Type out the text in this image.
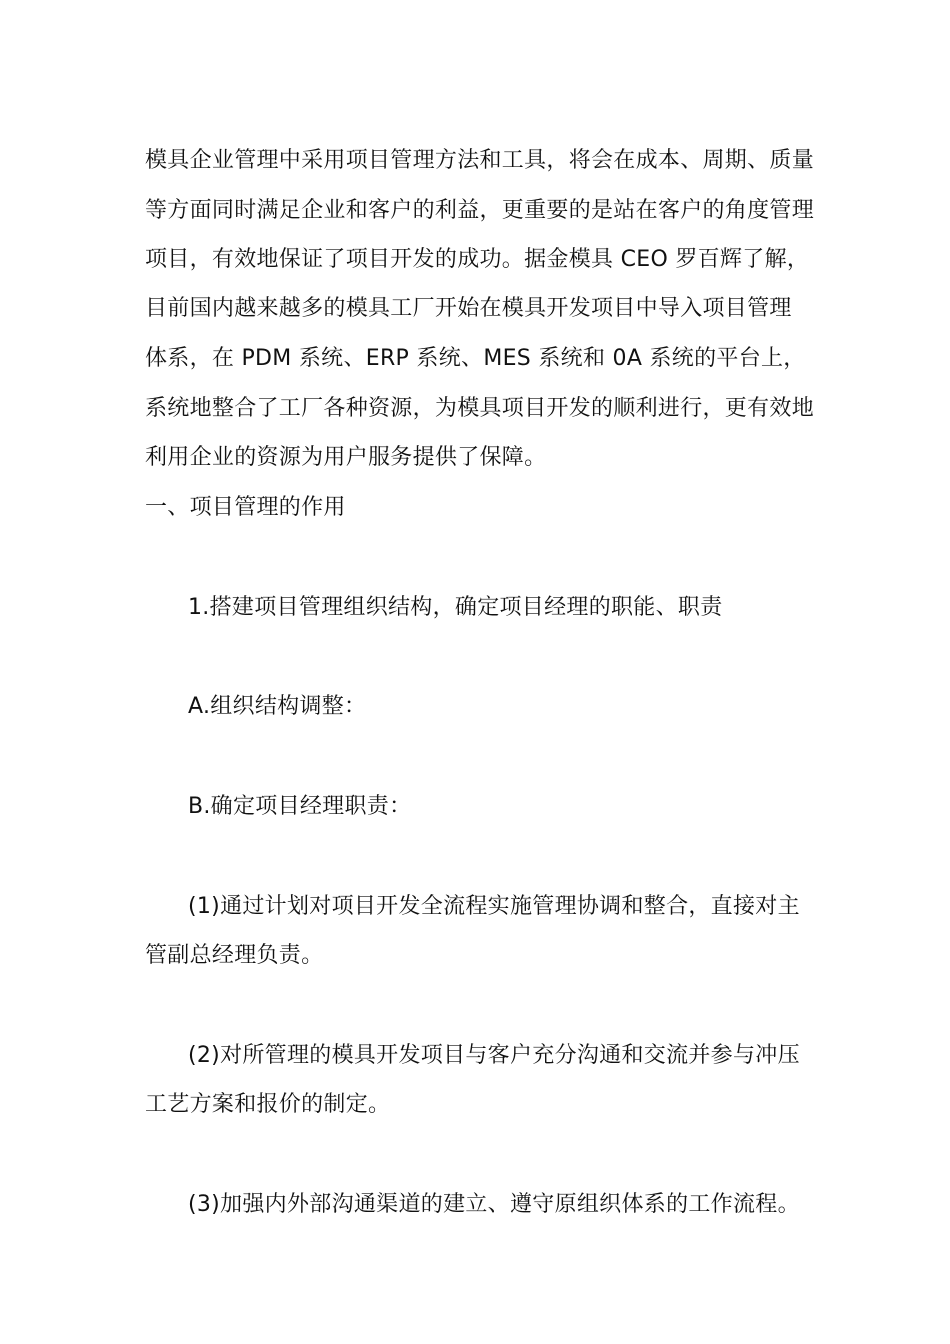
模具企业管理中采用项目管理方法和工具，将会在成本、周期、质量
等方面同时满足企业和客户的利益，更重要的是站在客户的角度管理
项目，有效地保证了项目开发的成功。据金模具 CEO 罗百辉了解，
目前国内越来越多的模具工厂开始在模具开发项目中导入项目管理
体系，在 PDM 系统、ERP 系统、MES 系统和 0A 系统的平台上，
系统地整合了工厂各种资源，为模具项目开发的顺利进行，更有效地
利用企业的资源为用户服务提供了保障。
一、项目管理的作用
1.搭建项目管理组织结构，确定项目经理的职能、职责
A.组织结构调整：
B.确定项目经理职责：
(1)通过计划对项目开发全流程实施管理协调和整合，直接对主
管副总经理负责。
(2)对所管理的模具开发项目与客户充分沟通和交流并参与冲压
工艺方案和报价的制定。
(3)加强内外部沟通渠道的建立、遵守原组织体系的工作流程。
